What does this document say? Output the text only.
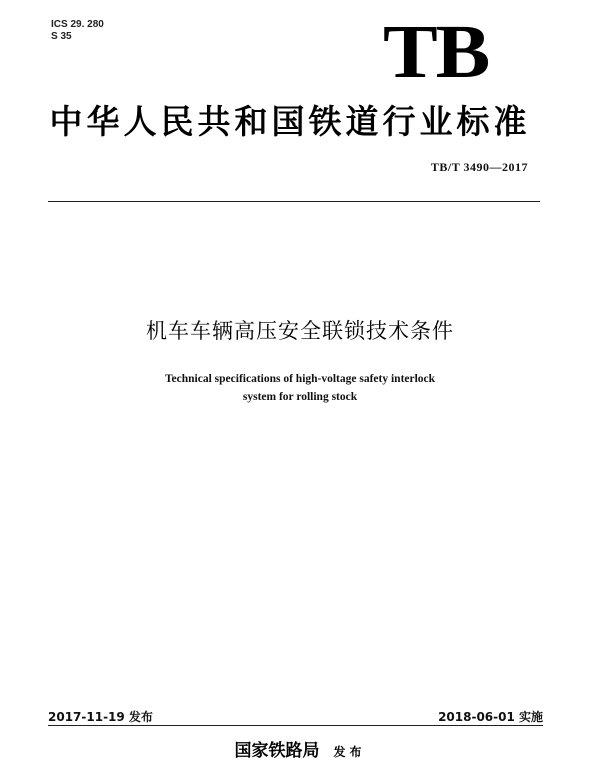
ICS 29. 280
S 35	TB
中华人民共和国铁道行业标准
TB/T 3490—2017
机车车辆高压安全联锁技术条件
Technical specifications of high-voltage safety interlock
system for rolling stock
2017-11-19 发布	2018-06-01 实施
国家铁路局 发布
